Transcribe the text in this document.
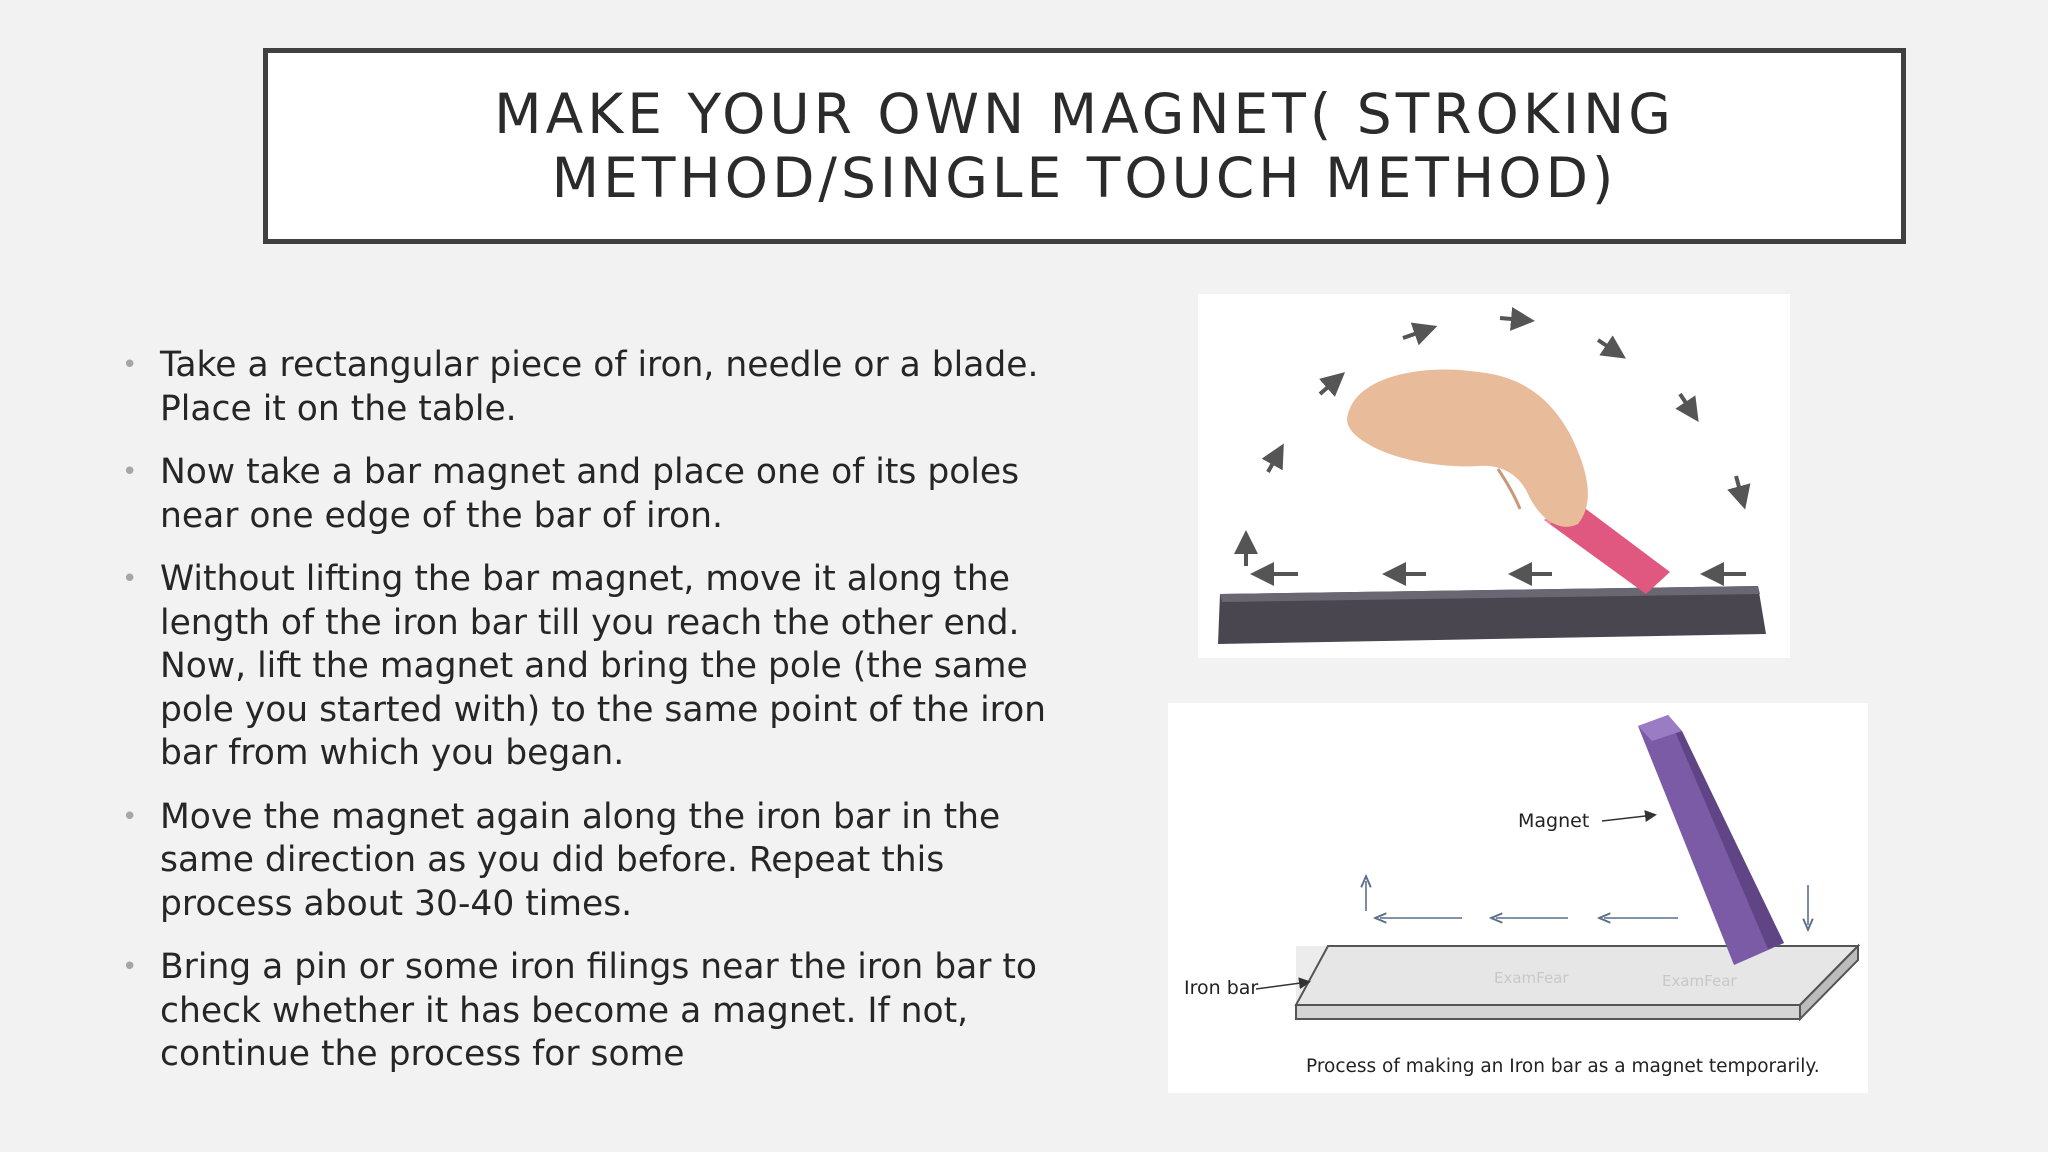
MAKE YOUR OWN MAGNET( STROKING
METHOD/SINGLE TOUCH METHOD)
• Take a rectangular piece of iron, needle or a blade. Place it on the table.
• Now take a bar magnet and place one of its poles near one edge of the bar of iron.
• Without lifting the bar magnet, move it along the length of the iron bar till you reach the other end. Now, lift the magnet and bring the pole (the same pole you started with) to the same point of the iron bar from which you began.
• Move the magnet again along the iron bar in the same direction as you did before. Repeat this process about 30-40 times.
• Bring a pin or some iron filings near the iron bar to check whether it has become a magnet. If not, continue the process for some
ExamFear	ExamFear
Magnet
Iron bar
Process of making an Iron bar as a magnet temporarily.
